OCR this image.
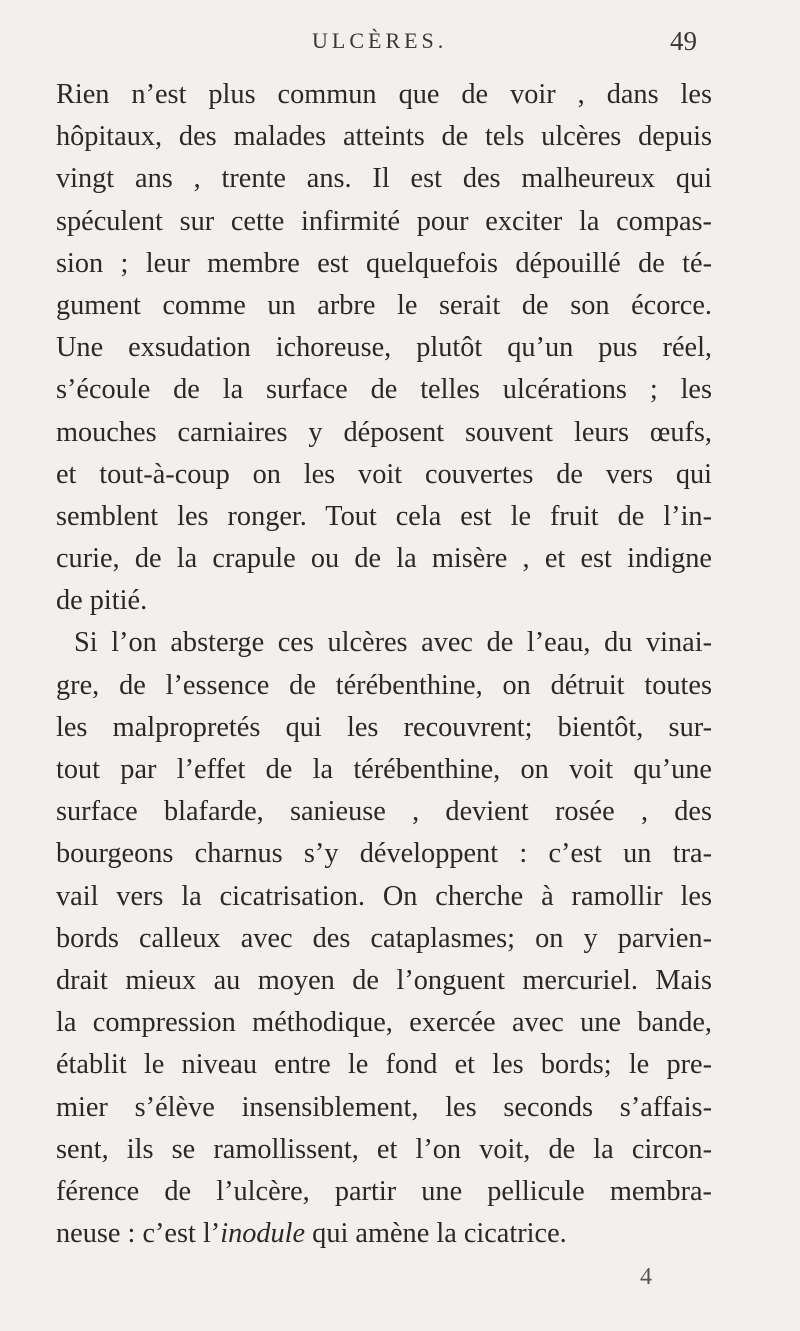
ULCÈRES.	49
Rien n’est plus commun que de voir , dans les
hôpitaux, des malades atteints de tels ulcères depuis
vingt ans , trente ans. Il est des malheureux qui
spéculent sur cette infirmité pour exciter la compas-
sion ; leur membre est quelquefois dépouillé de té-
gument comme un arbre le serait de son écorce.
Une exsudation ichoreuse, plutôt qu’un pus réel,
s’écoule de la surface de telles ulcérations ; les
mouches carniaires y déposent souvent leurs œufs,
et tout-à-coup on les voit couvertes de vers qui
semblent les ronger. Tout cela est le fruit de l’in-
curie, de la crapule ou de la misère , et est indigne
de pitié.
Si l’on absterge ces ulcères avec de l’eau, du vinai-
gre, de l’essence de térébenthine, on détruit toutes
les malpropretés qui les recouvrent; bientôt, sur-
tout par l’effet de la térébenthine, on voit qu’une
surface blafarde, sanieuse , devient rosée , des
bourgeons charnus s’y développent : c’est un tra-
vail vers la cicatrisation. On cherche à ramollir les
bords calleux avec des cataplasmes; on y parvien-
drait mieux au moyen de l’onguent mercuriel. Mais
la compression méthodique, exercée avec une bande,
établit le niveau entre le fond et les bords; le pre-
mier s’élève insensiblement, les seconds s’affais-
sent, ils se ramollissent, et l’on voit, de la circon-
férence de l’ulcère, partir une pellicule membra-
neuse : c’est l’inodule qui amène la cicatrice.
4
